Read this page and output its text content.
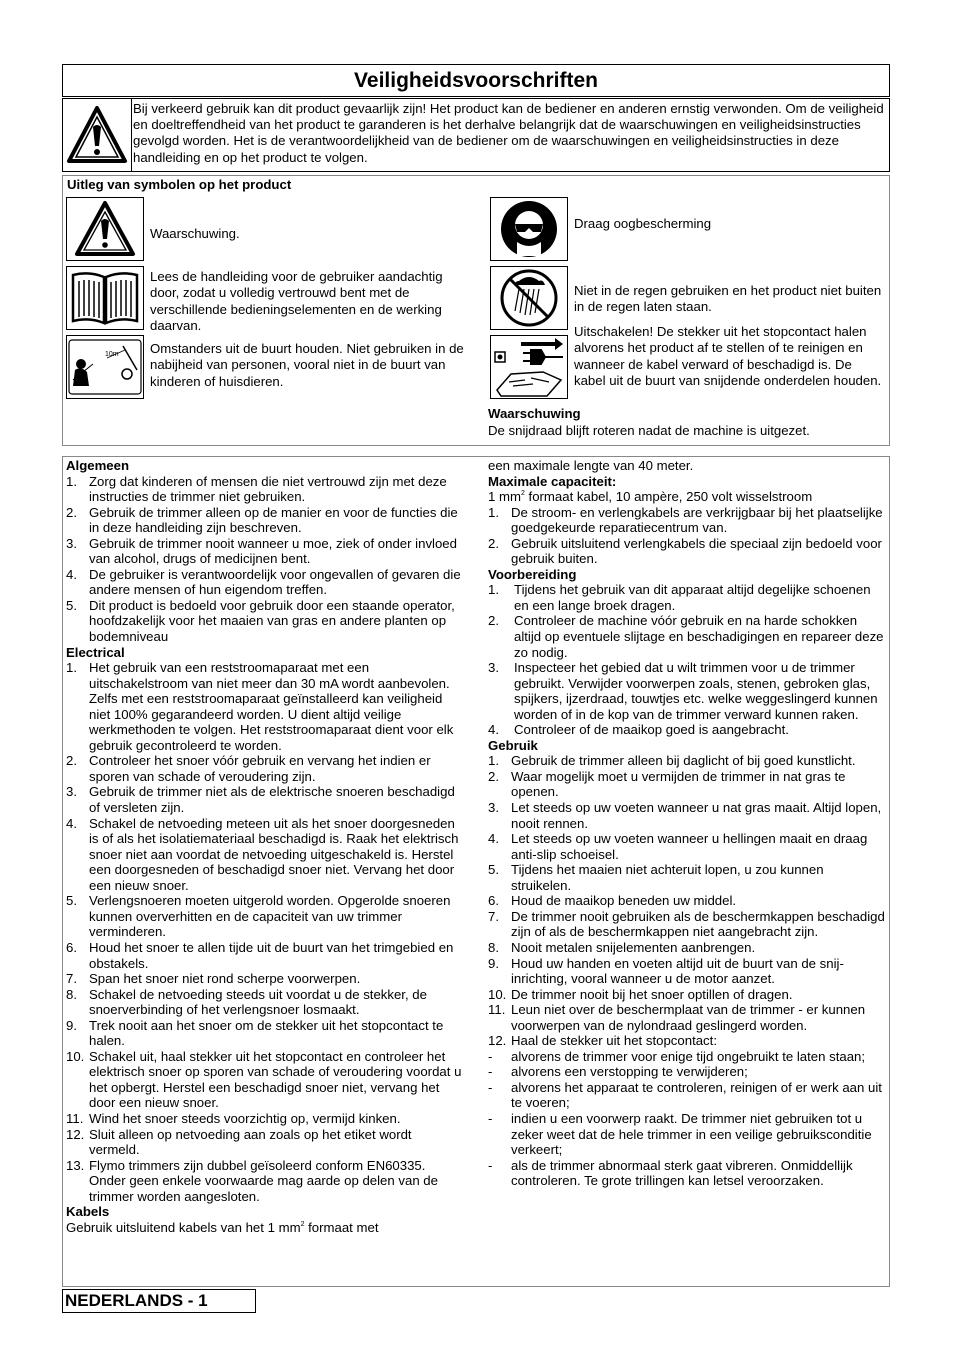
Veiligheidsvoorschriften
Bij verkeerd gebruik kan dit product gevaarlijk zijn! Het product kan de bediener en anderen ernstig verwonden. Om de veiligheid en doeltreffendheid van het product te garanderen is het derhalve belangrijk dat de waarschuwingen en veiligheidsinstructies gevolgd worden. Het is de verantwoordelijkheid van de bediener om de waarschuwingen en veiligheidsinstructies in deze handleiding en op het product te volgen.
Uitleg van symbolen op het product
Waarschuwing.
Lees de handleiding voor de gebruiker aandachtig door, zodat u volledig vertrouwd bent met de verschillende bedieningselementen en de werking daarvan.
10m Omstanders uit de buurt houden. Niet gebruiken in de nabijheid van personen, vooral niet in de buurt van kinderen of huisdieren.
Draag oogbescherming
Niet in de regen gebruiken en het product niet buiten in de regen laten staan.
Uitschakelen! De stekker uit het stopcontact halen alvorens het product af te stellen of te reinigen en wanneer de kabel verward of beschadigd is. De kabel uit de buurt van snijdende onderdelen houden.
Waarschuwing
De snijdraad blijft roteren nadat de machine is uitgezet.
Algemeen
1. Zorg dat kinderen of mensen die niet vertrouwd zijn met deze instructies de trimmer niet gebruiken.
2. Gebruik de trimmer alleen op de manier en voor de functies die in deze handleiding zijn beschreven.
3. Gebruik de trimmer nooit wanneer u moe, ziek of onder invloed van alcohol, drugs of medicijnen bent.
4. De gebruiker is verantwoordelijk voor ongevallen of gevaren die andere mensen of hun eigendom treffen.
5. Dit product is bedoeld voor gebruik door een staande operator, hoofdzakelijk voor het maaien van gras en andere planten op bodemniveau
Electrical
1. Het gebruik van een reststroomaparaat met een uitschakelstroom van niet meer dan 30 mA wordt aanbevolen. Zelfs met een reststroomaparaat geïnstalleerd kan veiligheid niet 100% gegarandeerd worden. U dient altijd veilige werkmethoden te volgen. Het reststroomaparaat dient voor elk gebruik gecontroleerd te worden.
2. Controleer het snoer vóór gebruik en vervang het indien er sporen van schade of veroudering zijn.
3. Gebruik de trimmer niet als de elektrische snoeren beschadigd of versleten zijn.
4. Schakel de netvoeding meteen uit als het snoer doorgesneden is of als het isolatiemateriaal beschadigd is. Raak het elektrisch snoer niet aan voordat de netvoeding uitgeschakeld is. Herstel een doorgesneden of beschadigd snoer niet. Vervang het door een nieuw snoer.
5. Verlengsnoeren moeten uitgerold worden. Opgerolde snoeren kunnen oververhitten en de capaciteit van uw trimmer verminderen.
6. Houd het snoer te allen tijde uit de buurt van het trimgebied en obstakels.
7. Span het snoer niet rond scherpe voorwerpen.
8. Schakel de netvoeding steeds uit voordat u de stekker, de snoerverbinding of het verlengsnoer losmaakt.
9. Trek nooit aan het snoer om de stekker uit het stopcontact te halen.
10. Schakel uit, haal stekker uit het stopcontact en controleer het elektrisch snoer op sporen van schade of veroudering voordat u het opbergt. Herstel een beschadigd snoer niet, vervang het door een nieuw snoer.
11. Wind het snoer steeds voorzichtig op, vermijd kinken.
12. Sluit alleen op netvoeding aan zoals op het etiket wordt vermeld.
13. Flymo trimmers zijn dubbel geïsoleerd conform EN60335. Onder geen enkele voorwaarde mag aarde op delen van de trimmer worden aangesloten.
Kabels
Gebruik uitsluitend kabels van het 1 $mm^2$ formaat met
een maximale lengte van 40 meter.
Maximale capaciteit:
1 $mm^2$ formaat kabel, 10 ampère, 250 volt wisselstroom
1. De stroom- en verlengkabels are verkrijgbaar bij het plaatselijke goedgekeurde reparatiecentrum van.
2. Gebruik uitsluitend verlengkabels die speciaal zijn bedoeld voor gebruik buiten.
Voorbereiding
1.	Tijdens het gebruik van dit apparaat altijd degelijke schoenen en een lange broek dragen.
2.	Controleer de machine vóór gebruik en na harde schokken altijd op eventuele slijtage en beschadigingen en repareer deze zo nodig.
3.	Inspecteer het gebied dat u wilt trimmen voor u de trimmer gebruikt. Verwijder voorwerpen zoals, stenen, gebroken glas, spijkers, ijzerdraad, touwtjes etc. welke weggeslingerd kunnen worden of in de kop van de trimmer verward kunnen raken.
4.	Controleer of de maaikop goed is aangebracht.
Gebruik
1. Gebruik de trimmer alleen bij daglicht of bij goed kunstlicht.
2. Waar mogelijk moet u vermijden de trimmer in nat gras te openen.
3. Let steeds op uw voeten wanneer u nat gras maait. Altijd lopen, nooit rennen.
4. Let steeds op uw voeten wanneer u hellingen maait en draag anti-slip schoeisel.
5. Tijdens het maaien niet achteruit lopen, u zou kunnen struikelen.
6. Houd de maaikop beneden uw middel.
7. De trimmer nooit gebruiken als de beschermkappen beschadigd zijn of als de beschermkappen niet aangebracht zijn.
8. Nooit metalen snijelementen aanbrengen.
9. Houd uw handen en voeten altijd uit de buurt van de snij-inrichting, vooral wanneer u de motor aanzet.
10. De trimmer nooit bij het snoer optillen of dragen.
11. Leun niet over de beschermplaat van de trimmer - er kunnen voorwerpen van de nylondraad geslingerd worden.
12. Haal de stekker uit het stopcontact:
-	alvorens de trimmer voor enige tijd ongebruikt te laten staan;
-	alvorens een verstopping te verwijderen;
-	alvorens het apparaat te controleren, reinigen of er werk aan uit te voeren;
-	indien u een voorwerp raakt. De trimmer niet gebruiken tot u zeker weet dat de hele trimmer in een veilige gebruiksconditie verkeert;
-	als de trimmer abnormaal sterk gaat vibreren. Onmiddellijk controleren. Te grote trillingen kan letsel veroorzaken.
NEDERLANDS - 1
